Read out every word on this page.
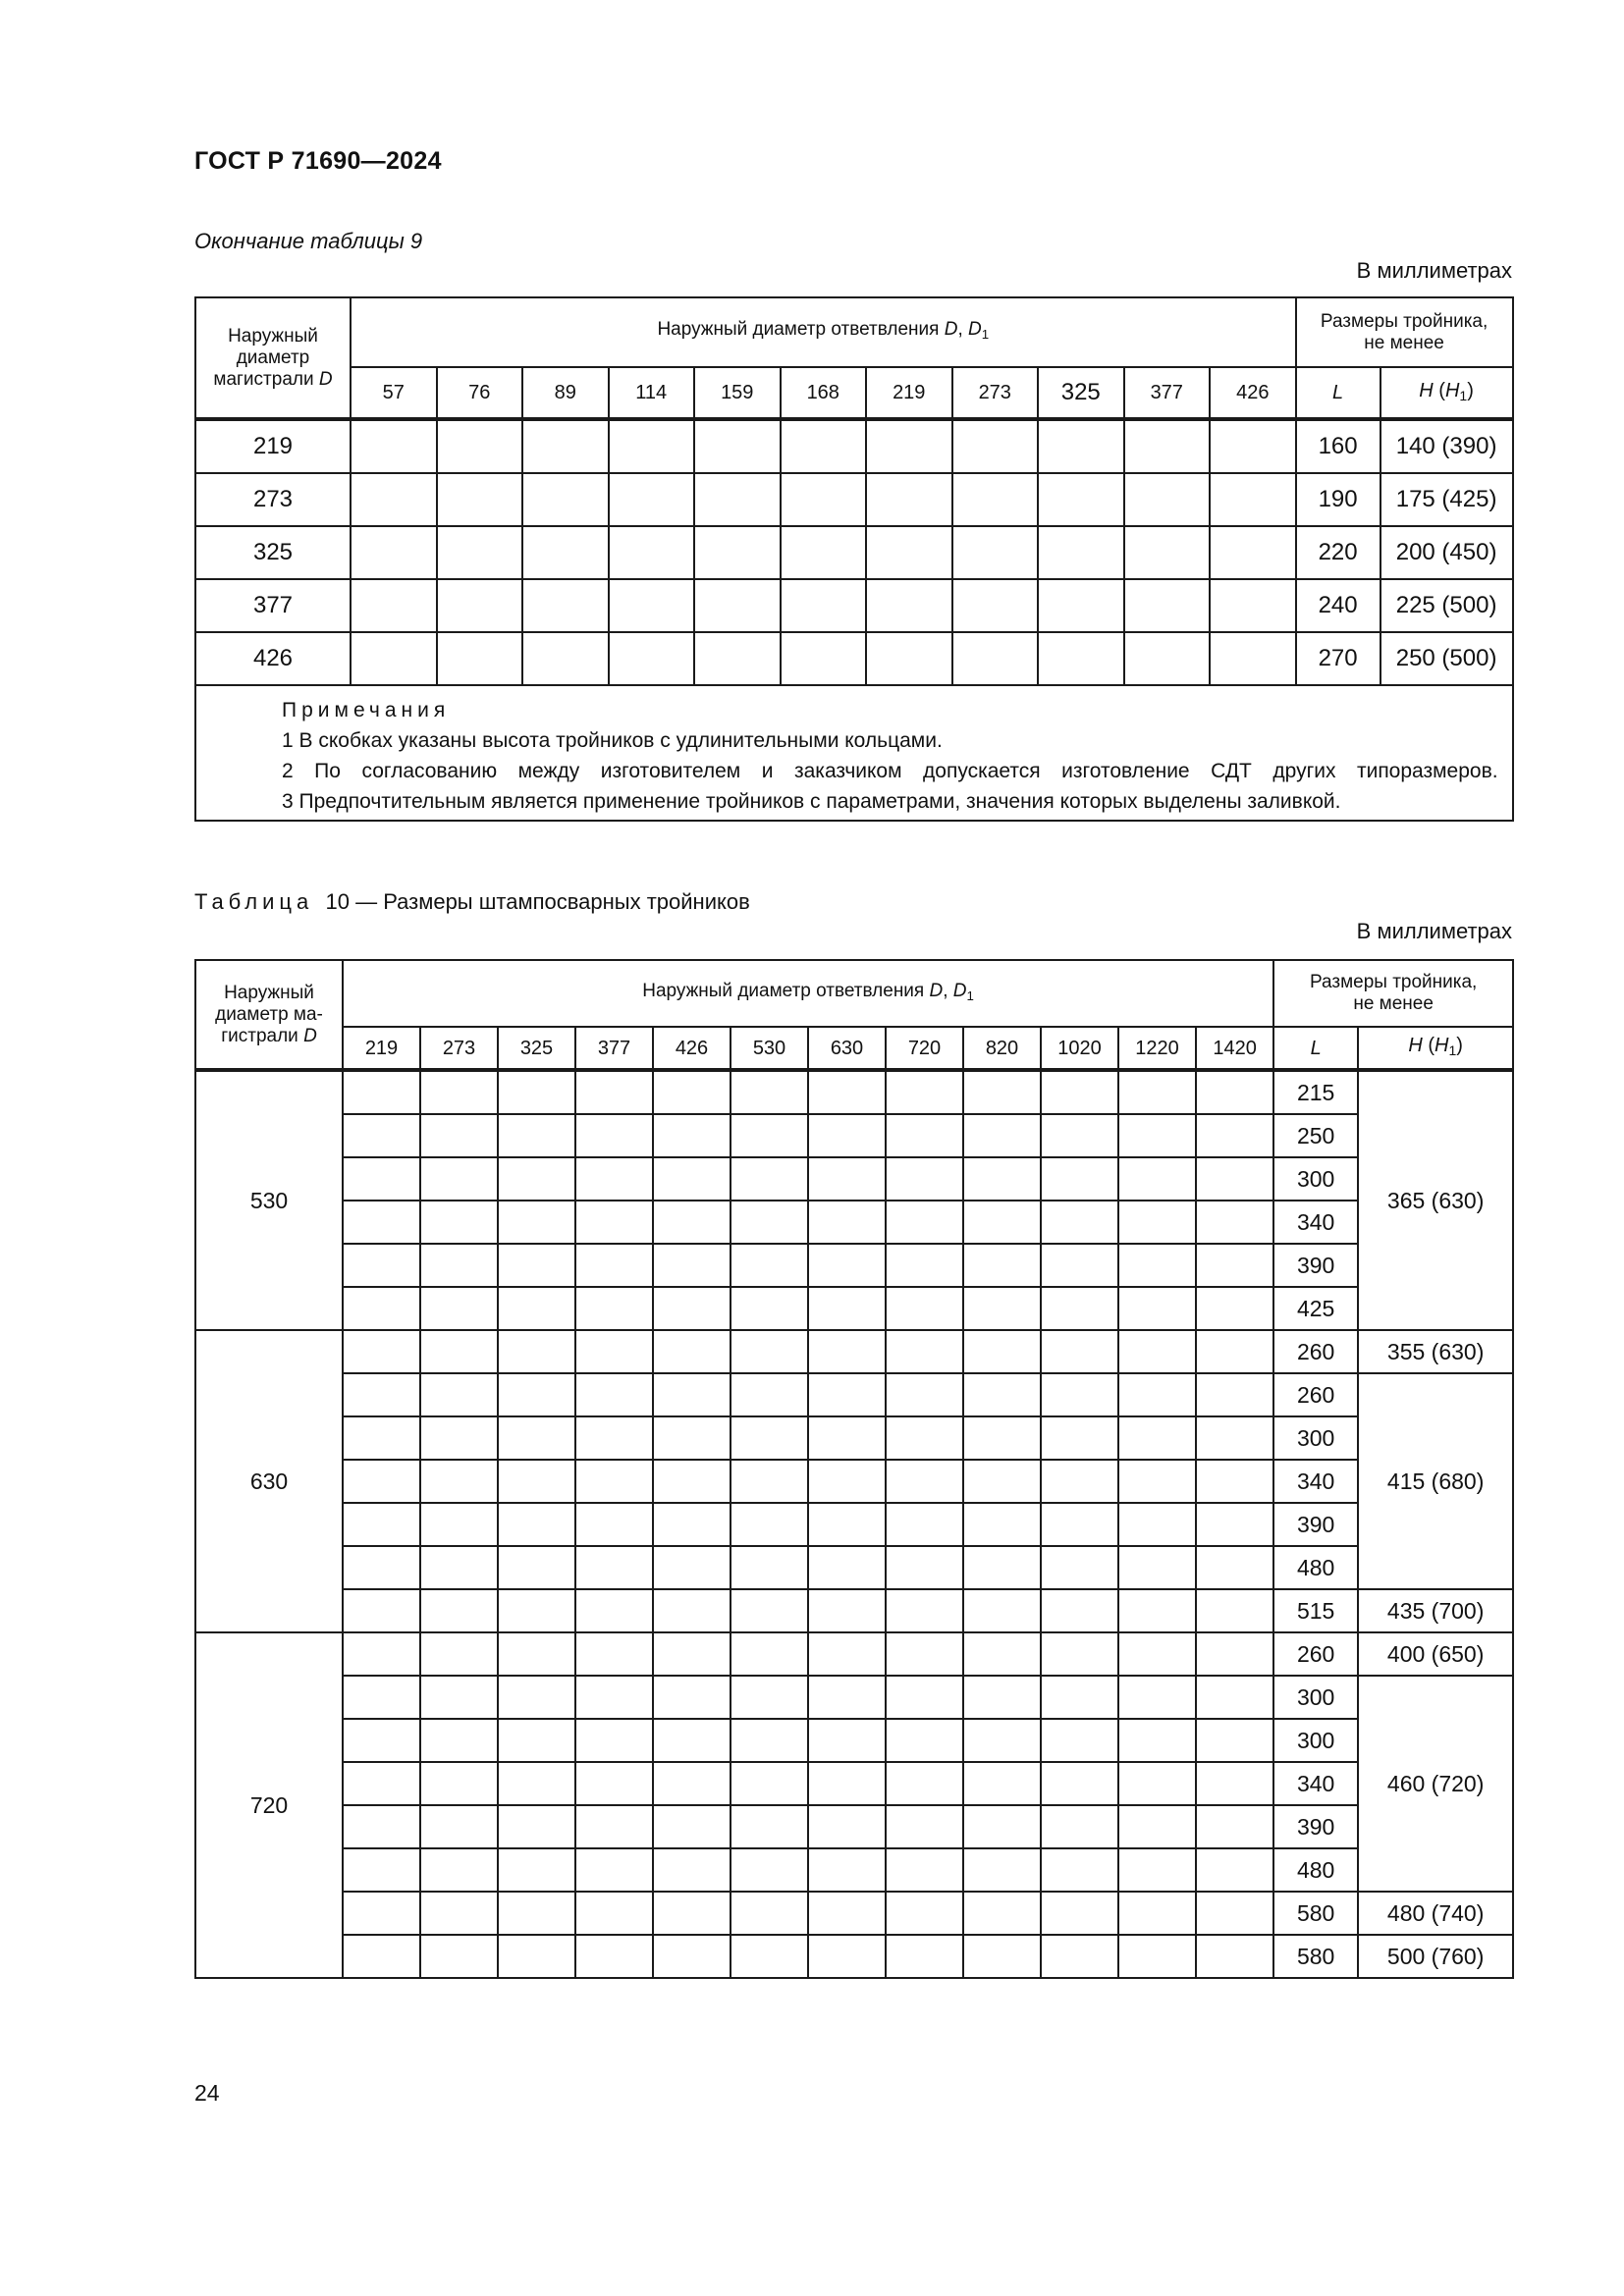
ГОСТ Р 71690—2024
Окончание таблицы 9
В миллиметрах
Наружный
диаметр
магистрали D	Наружный диаметр ответвления D, $D_1$											Размеры тройника,
не менее	
	57	76	89	114	159	168	219	273	325	377	426	L	H $(H_1)$
219												160	140 (390)
273												190	175 (425)
325												220	200 (450)
377												240	225 (500)
426												270	250 (500)

Примечания
1 В скобках указаны высота тройников с удлинительными кольцами.
2 По согласованию между изготовителем и заказчиком допускается изготовление СДТ других типоразмеров.
3 Предпочтительным является применение тройников с параметрами, значения которых выделены заливкой.													
Таблица 10 — Размеры штампосварных тройников
В миллиметрах
Наружный
диаметр ма-
гистрали D	Наружный диаметр ответвления D, $D_1$												Размеры тройника,
не менее	
	219	273	325	377	426	530	630	720	820	1020	1220	1420	L	H $(H_1)$
530													215	365 (630)
													250	
													300	
													340	
													390	
													425	
630													260	355 (630)
													260	415 (680)
													300	
													340	
													390	
													480	
													515	435 (700)
720													260	400 (650)
													300	460 (720)
													300	
													340	
													390	
													480	
													580	480 (740)
													580	500 (760)
24
